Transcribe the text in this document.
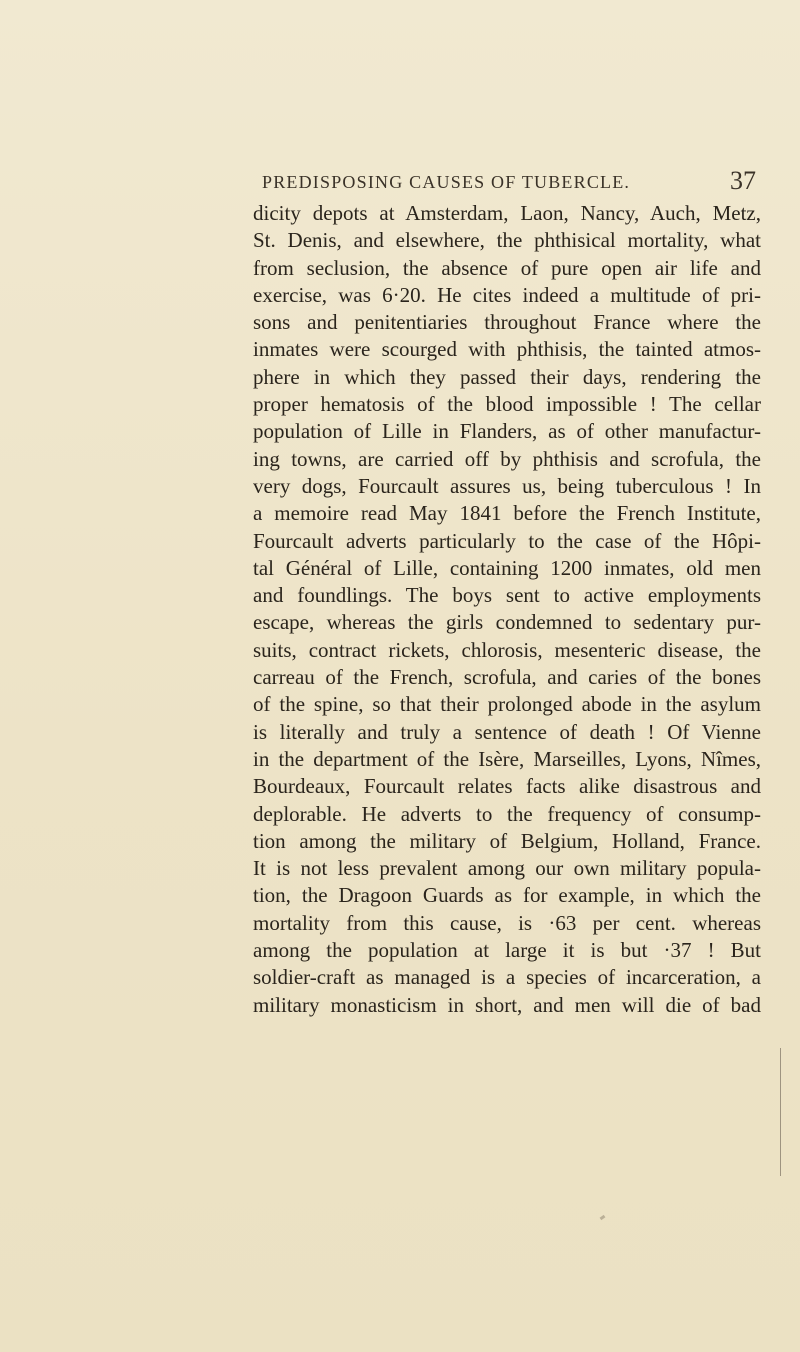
PREDISPOSING CAUSES OF TUBERCLE.	37
dicity depots at Amsterdam, Laon, Nancy, Auch, Metz,
St. Denis, and elsewhere, the phthisical mortality, what
from seclusion, the absence of pure open air life and
exercise, was 6·20. He cites indeed a multitude of pri-
sons and penitentiaries throughout France where the
inmates were scourged with phthisis, the tainted atmos-
phere in which they passed their days, rendering the
proper hematosis of the blood impossible ! The cellar
population of Lille in Flanders, as of other manufactur-
ing towns, are carried off by phthisis and scrofula, the
very dogs, Fourcault assures us, being tuberculous ! In
a memoire read May 1841 before the French Institute,
Fourcault adverts particularly to the case of the Hôpi-
tal Général of Lille, containing 1200 inmates, old men
and foundlings. The boys sent to active employments
escape, whereas the girls condemned to sedentary pur-
suits, contract rickets, chlorosis, mesenteric disease, the
carreau of the French, scrofula, and caries of the bones
of the spine, so that their prolonged abode in the asylum
is literally and truly a sentence of death ! Of Vienne
in the department of the Isère, Marseilles, Lyons, Nîmes,
Bourdeaux, Fourcault relates facts alike disastrous and
deplorable. He adverts to the frequency of consump-
tion among the military of Belgium, Holland, France.
It is not less prevalent among our own military popula-
tion, the Dragoon Guards as for example, in which the
mortality from this cause, is ·63 per cent. whereas
among the population at large it is but ·37 ! But
soldier-craft as managed is a species of incarceration, a
military monasticism in short, and men will die of bad
